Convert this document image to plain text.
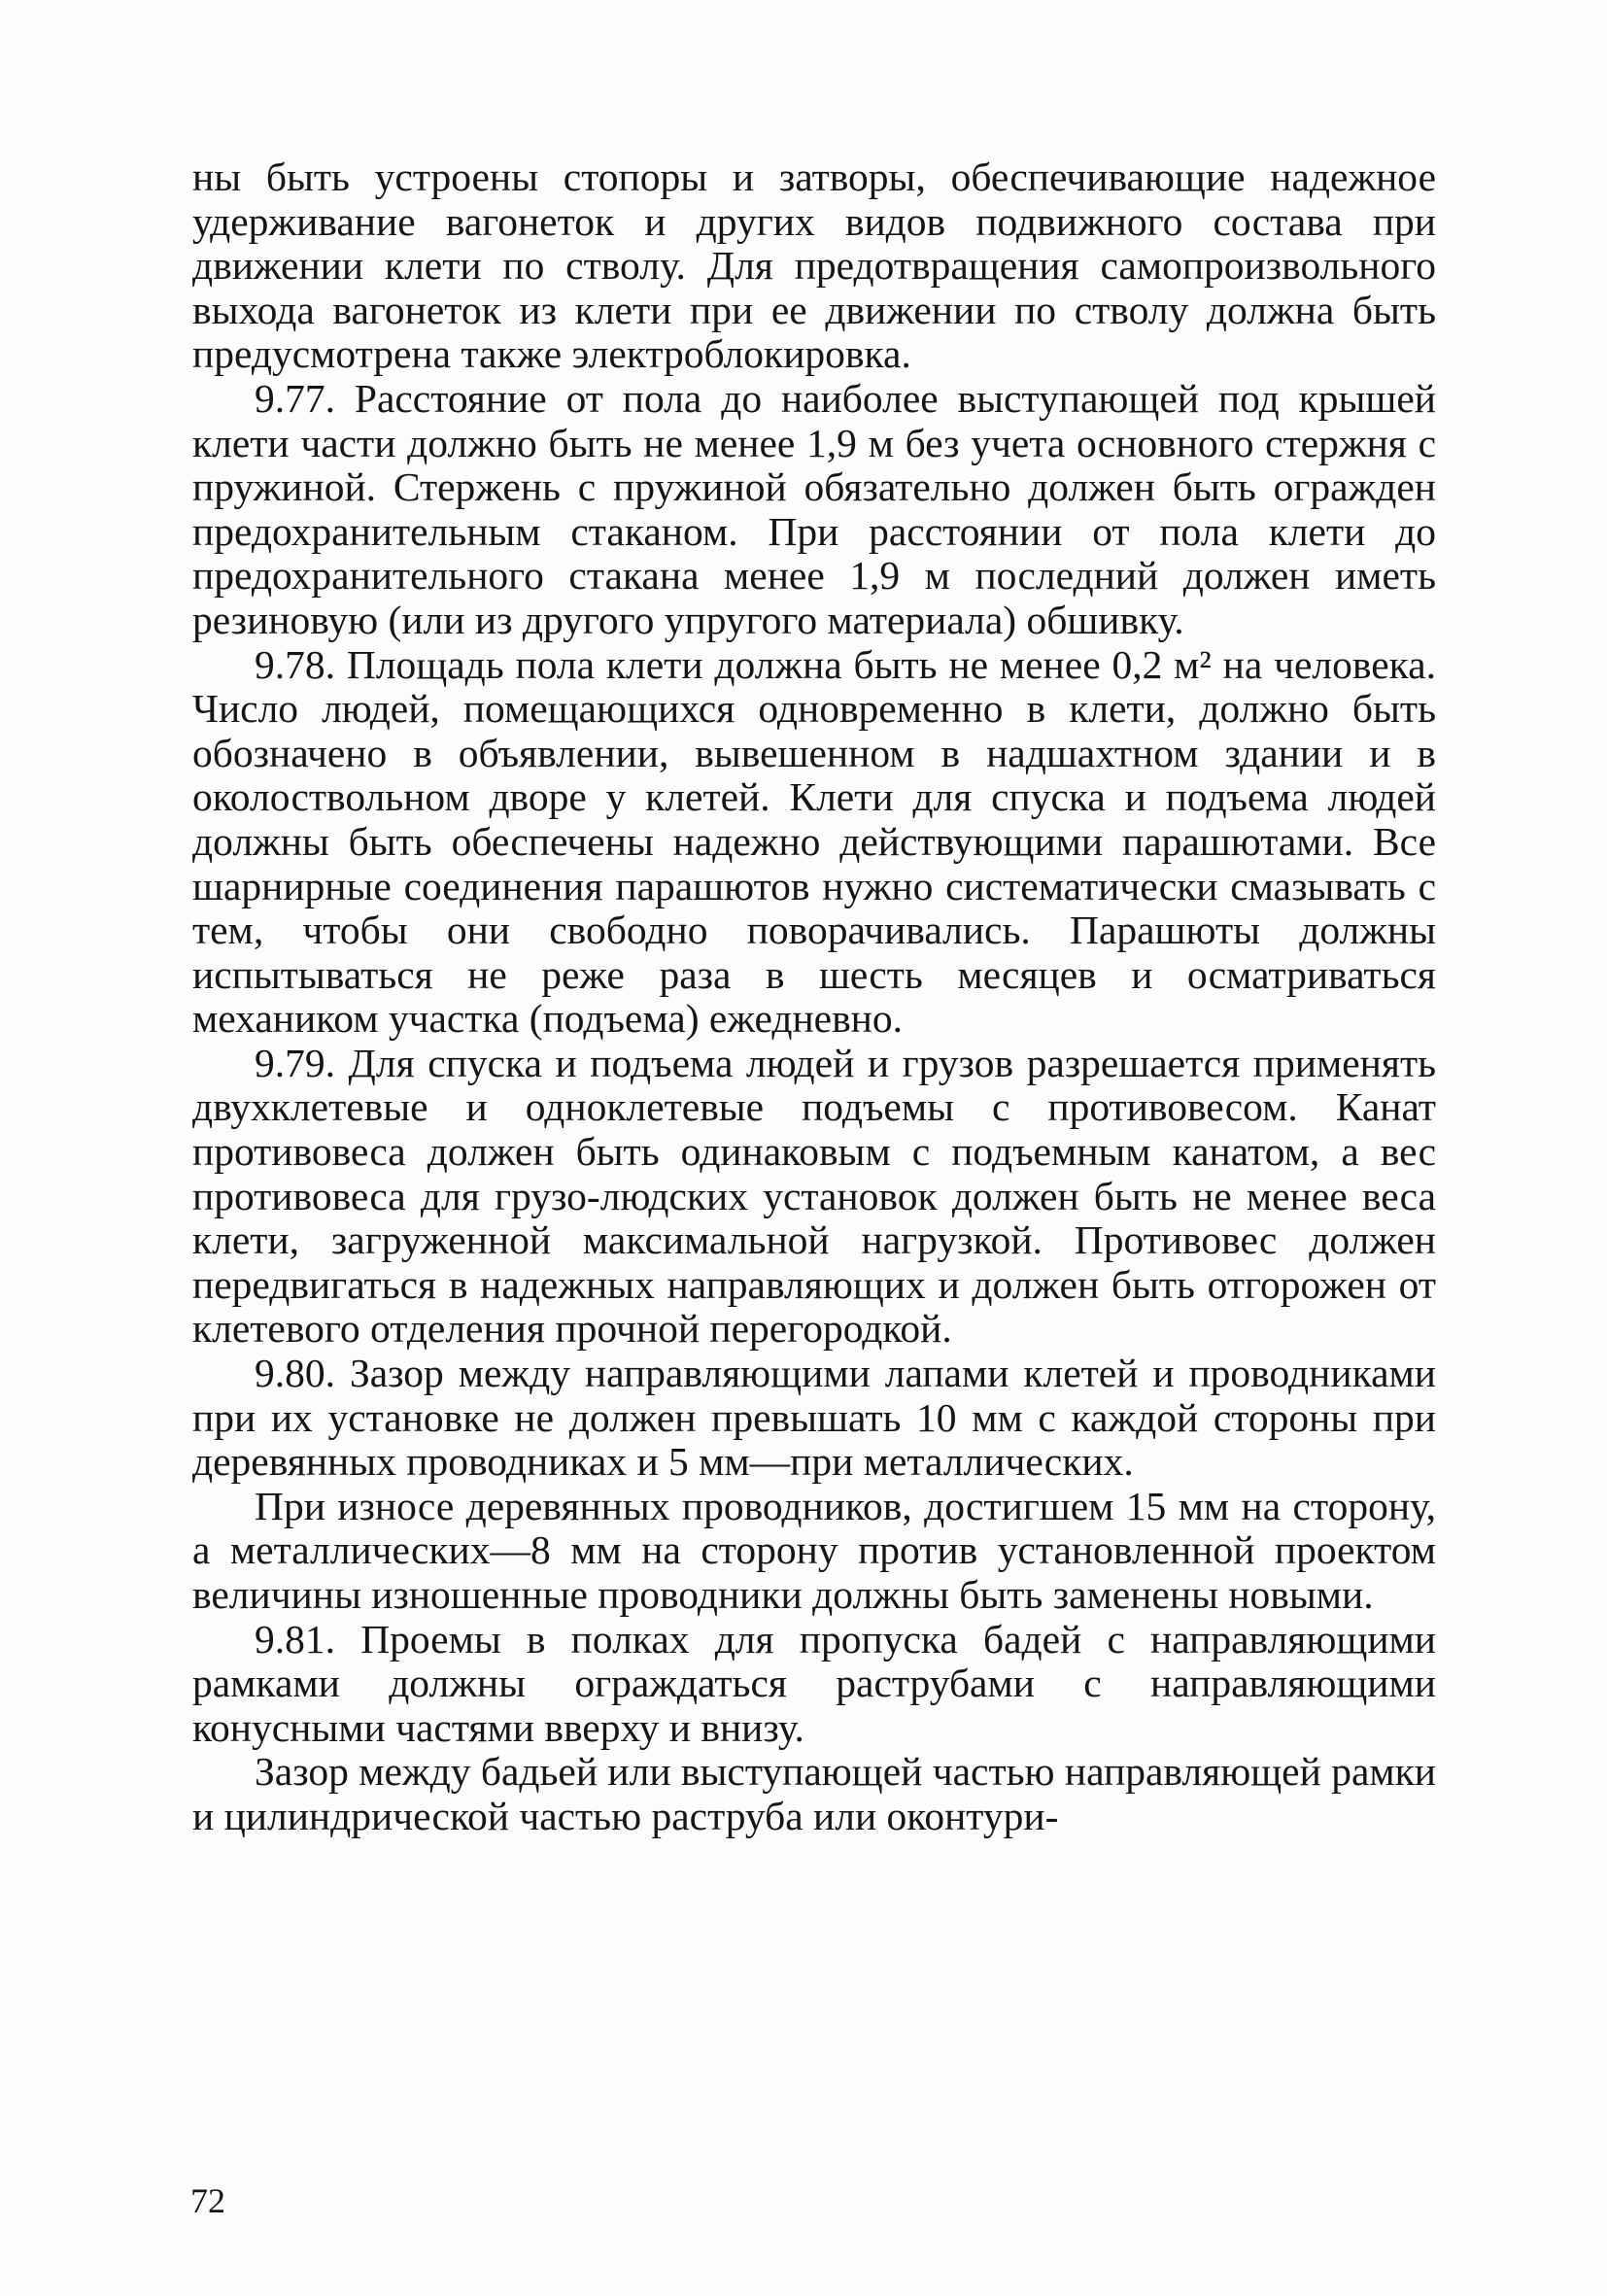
ны быть устроены стопоры и затворы, обеспечивающие надежное удерживание вагонеток и других видов подвижного состава при движении клети по стволу. Для предотвращения самопроизвольного выхода вагонеток из клети при ее движении по стволу должна быть предусмотрена также электроблокировка.

9.77. Расстояние от пола до наиболее выступающей под крышей клети части должно быть не менее 1,9 м без учета основного стержня с пружиной. Стержень с пружиной обязательно должен быть огражден предохранительным стаканом. При расстоянии от пола клети до предохранительного стакана менее 1,9 м последний должен иметь резиновую (или из другого упругого материала) обшивку.

9.78. Площадь пола клети должна быть не менее 0,2 м² на человека. Число людей, помещающихся одновременно в клети, должно быть обозначено в объявлении, вывешенном в надшахтном здании и в околоствольном дворе у клетей. Клети для спуска и подъема людей должны быть обеспечены надежно действующими парашютами. Все шарнирные соединения парашютов нужно систематически смазывать с тем, чтобы они свободно поворачивались. Парашюты должны испытываться не реже раза в шесть месяцев и осматриваться механиком участка (подъема) ежедневно.

9.79. Для спуска и подъема людей и грузов разрешается применять двухклетевые и одноклетевые подъемы с противовесом. Канат противовеса должен быть одинаковым с подъемным канатом, а вес противовеса для грузо-людских установок должен быть не менее веса клети, загруженной максимальной нагрузкой. Противовес должен передвигаться в надежных направляющих и должен быть отгорожен от клетевого отделения прочной перегородкой.

9.80. Зазор между направляющими лапами клетей и проводниками при их установке не должен превышать 10 мм с каждой стороны при деревянных проводниках и 5 мм—при металлических.

При износе деревянных проводников, достигшем 15 мм на сторону, а металлических—8 мм на сторону против установленной проектом величины изношенные проводники должны быть заменены новыми.

9.81. Проемы в полках для пропуска бадей с направляющими рамками должны ограждаться раструбами с направляющими конусными частями вверху и внизу.

Зазор между бадьей или выступающей частью направляющей рамки и цилиндрической частью раструба или оконтури-

72
